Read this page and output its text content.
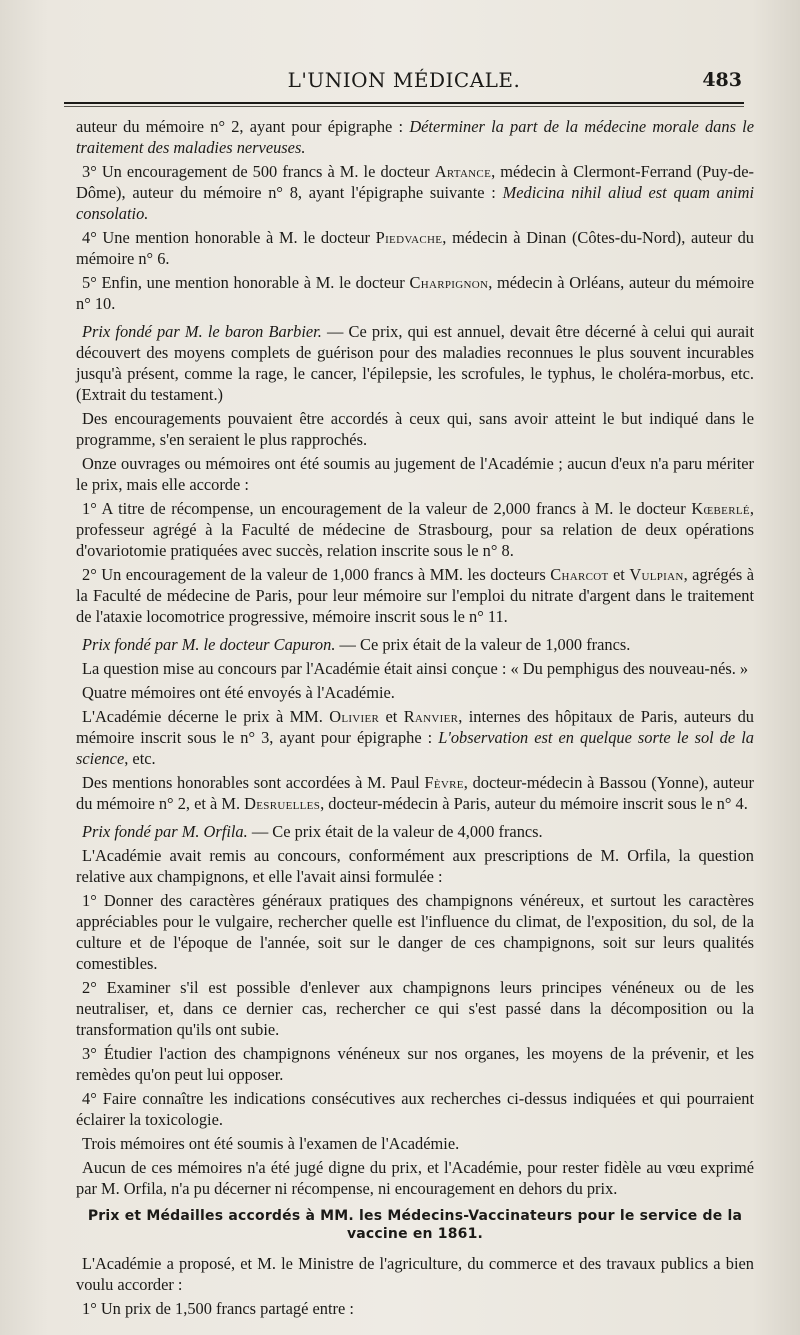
L'UNION MÉDICALE.	483

auteur du mémoire n° 2, ayant pour épigraphe : Déterminer la part de la médecine morale dans le traitement des maladies nerveuses.

3° Un encouragement de 500 francs à M. le docteur Artance, médecin à Clermont-Ferrand (Puy-de-Dôme), auteur du mémoire n° 8, ayant l'épigraphe suivante : Medicina nihil aliud est quam animi consolatio.

4° Une mention honorable à M. le docteur Piedvache, médecin à Dinan (Côtes-du-Nord), auteur du mémoire n° 6.

5° Enfin, une mention honorable à M. le docteur Charpignon, médecin à Orléans, auteur du mémoire n° 10.

Prix fondé par M. le baron Barbier. — Ce prix, qui est annuel, devait être décerné à celui qui aurait découvert des moyens complets de guérison pour des maladies reconnues le plus souvent incurables jusqu'à présent, comme la rage, le cancer, l'épilepsie, les scrofules, le typhus, le choléra-morbus, etc. (Extrait du testament.)

Des encouragements pouvaient être accordés à ceux qui, sans avoir atteint le but indiqué dans le programme, s'en seraient le plus rapprochés.

Onze ouvrages ou mémoires ont été soumis au jugement de l'Académie ; aucun d'eux n'a paru mériter le prix, mais elle accorde :

1° A titre de récompense, un encouragement de la valeur de 2,000 francs à M. le docteur Kœberlé, professeur agrégé à la Faculté de médecine de Strasbourg, pour sa relation de deux opérations d'ovariotomie pratiquées avec succès, relation inscrite sous le n° 8.

2° Un encouragement de la valeur de 1,000 francs à MM. les docteurs Charcot et Vulpian, agrégés à la Faculté de médecine de Paris, pour leur mémoire sur l'emploi du nitrate d'argent dans le traitement de l'ataxie locomotrice progressive, mémoire inscrit sous le n° 11.

Prix fondé par M. le docteur Capuron. — Ce prix était de la valeur de 1,000 francs.

La question mise au concours par l'Académie était ainsi conçue : « Du pemphigus des nouveau-nés. »

Quatre mémoires ont été envoyés à l'Académie.

L'Académie décerne le prix à MM. Olivier et Ranvier, internes des hôpitaux de Paris, auteurs du mémoire inscrit sous le n° 3, ayant pour épigraphe : L'observation est en quelque sorte le sol de la science, etc.

Des mentions honorables sont accordées à M. Paul Fèvre, docteur-médecin à Bassou (Yonne), auteur du mémoire n° 2, et à M. Desruelles, docteur-médecin à Paris, auteur du mémoire inscrit sous le n° 4.

Prix fondé par M. Orfila. — Ce prix était de la valeur de 4,000 francs.

L'Académie avait remis au concours, conformément aux prescriptions de M. Orfila, la question relative aux champignons, et elle l'avait ainsi formulée :

1° Donner des caractères généraux pratiques des champignons vénéreux, et surtout les caractères appréciables pour le vulgaire, rechercher quelle est l'influence du climat, de l'exposition, du sol, de la culture et de l'époque de l'année, soit sur le danger de ces champignons, soit sur leurs qualités comestibles.

2° Examiner s'il est possible d'enlever aux champignons leurs principes vénéneux ou de les neutraliser, et, dans ce dernier cas, rechercher ce qui s'est passé dans la décomposition ou la transformation qu'ils ont subie.

3° Étudier l'action des champignons vénéneux sur nos organes, les moyens de la prévenir, et les remèdes qu'on peut lui opposer.

4° Faire connaître les indications consécutives aux recherches ci-dessus indiquées et qui pourraient éclairer la toxicologie.

Trois mémoires ont été soumis à l'examen de l'Académie.

Aucun de ces mémoires n'a été jugé digne du prix, et l'Académie, pour rester fidèle au vœu exprimé par M. Orfila, n'a pu décerner ni récompense, ni encouragement en dehors du prix.

Prix et Médailles accordés à MM. les Médecins-Vaccinateurs pour le service de la vaccine en 1861.

L'Académie a proposé, et M. le Ministre de l'agriculture, du commerce et des travaux publics a bien voulu accorder :

1° Un prix de 1,500 francs partagé entre :
